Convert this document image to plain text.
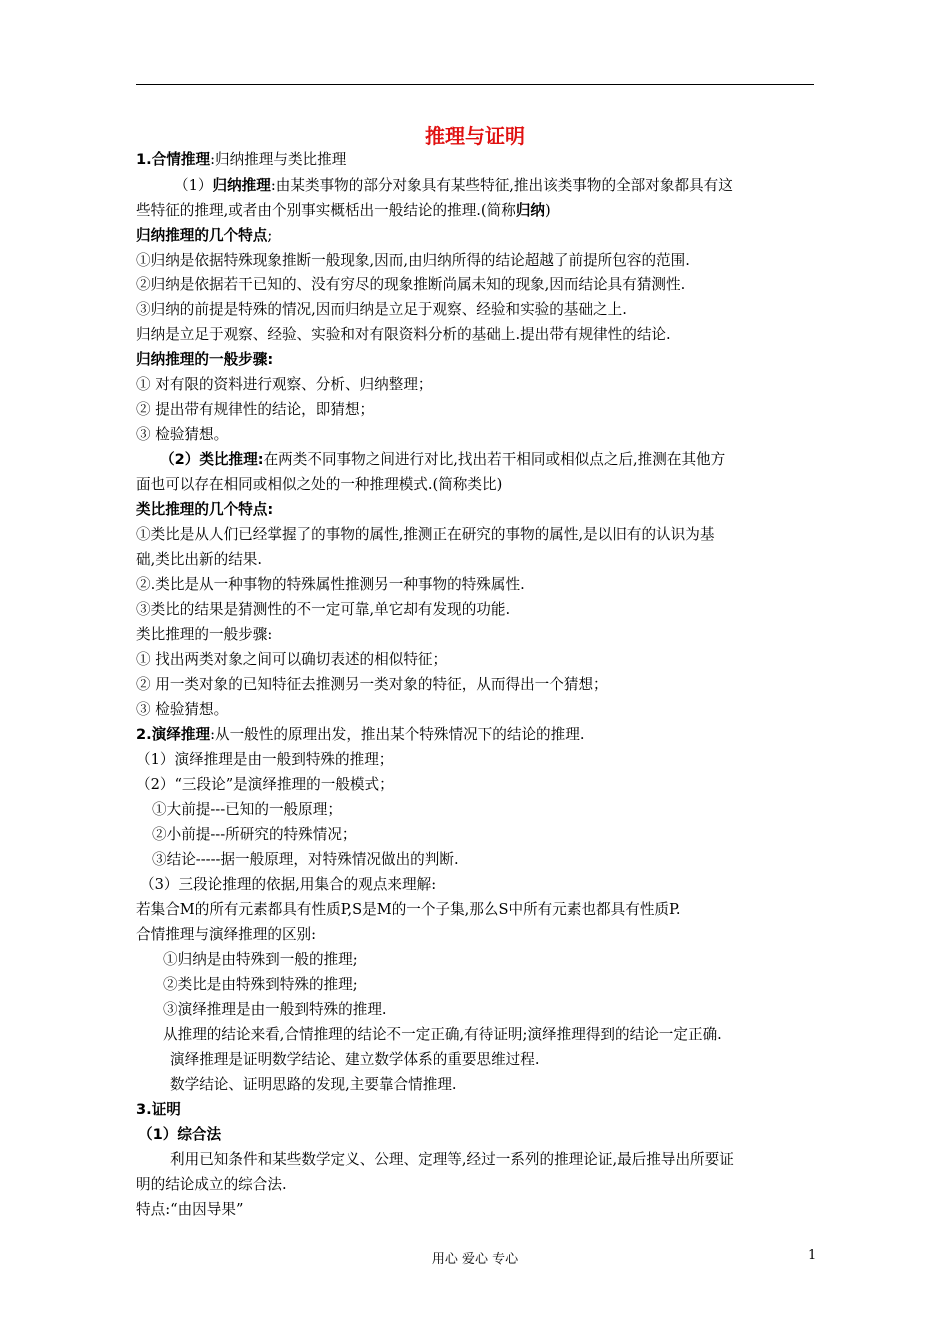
推理与证明
1.合情推理:归纳推理与类比推理
（1）归纳推理:由某类事物的部分对象具有某些特征,推出该类事物的全部对象都具有这
些特征的推理,或者由个别事实概栝出一般结论的推理.(简称归纳)
归纳推理的几个特点;
①归纳是依据特殊现象推断一般现象,因而,由归纳所得的结论超越了前提所包容的范围.
②归纳是依据若干已知的、没有穷尽的现象推断尚属未知的现象,因而结论具有猜测性.
③归纳的前提是特殊的情况,因而归纳是立足于观察、经验和实验的基础之上.
归纳是立足于观察、经验、实验和对有限资料分析的基础上.提出带有规律性的结论.
归纳推理的一般步骤:
① 对有限的资料进行观察、分析、归纳整理；
② 提出带有规律性的结论，即猜想；
③ 检验猜想。
（2）类比推理:在两类不同事物之间进行对比,找出若干相同或相似点之后,推测在其他方
面也可以存在相同或相似之处的一种推理模式.(简称类比)
类比推理的几个特点:
①类比是从人们已经掌握了的事物的属性,推测正在研究的事物的属性,是以旧有的认识为基
础,类比出新的结果.
②.类比是从一种事物的特殊属性推测另一种事物的特殊属性.
③类比的结果是猜测性的不一定可靠,单它却有发现的功能.
类比推理的一般步骤:
① 找出两类对象之间可以确切表述的相似特征；
② 用一类对象的已知特征去推测另一类对象的特征，从而得出一个猜想；
③ 检验猜想。
2.演绎推理:从一般性的原理出发，推出某个特殊情况下的结论的推理.
（1）演绎推理是由一般到特殊的推理；
（2）“三段论”是演绎推理的一般模式；
①大前提---已知的一般原理；
②小前提---所研究的特殊情况；
③结论-----据一般原理，对特殊情况做出的判断.
（3）三段论推理的依据,用集合的观点来理解:
若集合M的所有元素都具有性质P,S是M的一个子集,那么S中所有元素也都具有性质P.
合情推理与演绎推理的区别:
①归纳是由特殊到一般的推理;
②类比是由特殊到特殊的推理;
③演绎推理是由一般到特殊的推理.
从推理的结论来看,合情推理的结论不一定正确,有待证明;演绎推理得到的结论一定正确.
演绎推理是证明数学结论、建立数学体系的重要思维过程.
数学结论、证明思路的发现,主要靠合情推理.
3.证明
（1）综合法
利用已知条件和某些数学定义、公理、定理等,经过一系列的推理论证,最后推导出所要证
明的结论成立的综合法.
特点:“由因导果”
用心 爱心 专心	1
